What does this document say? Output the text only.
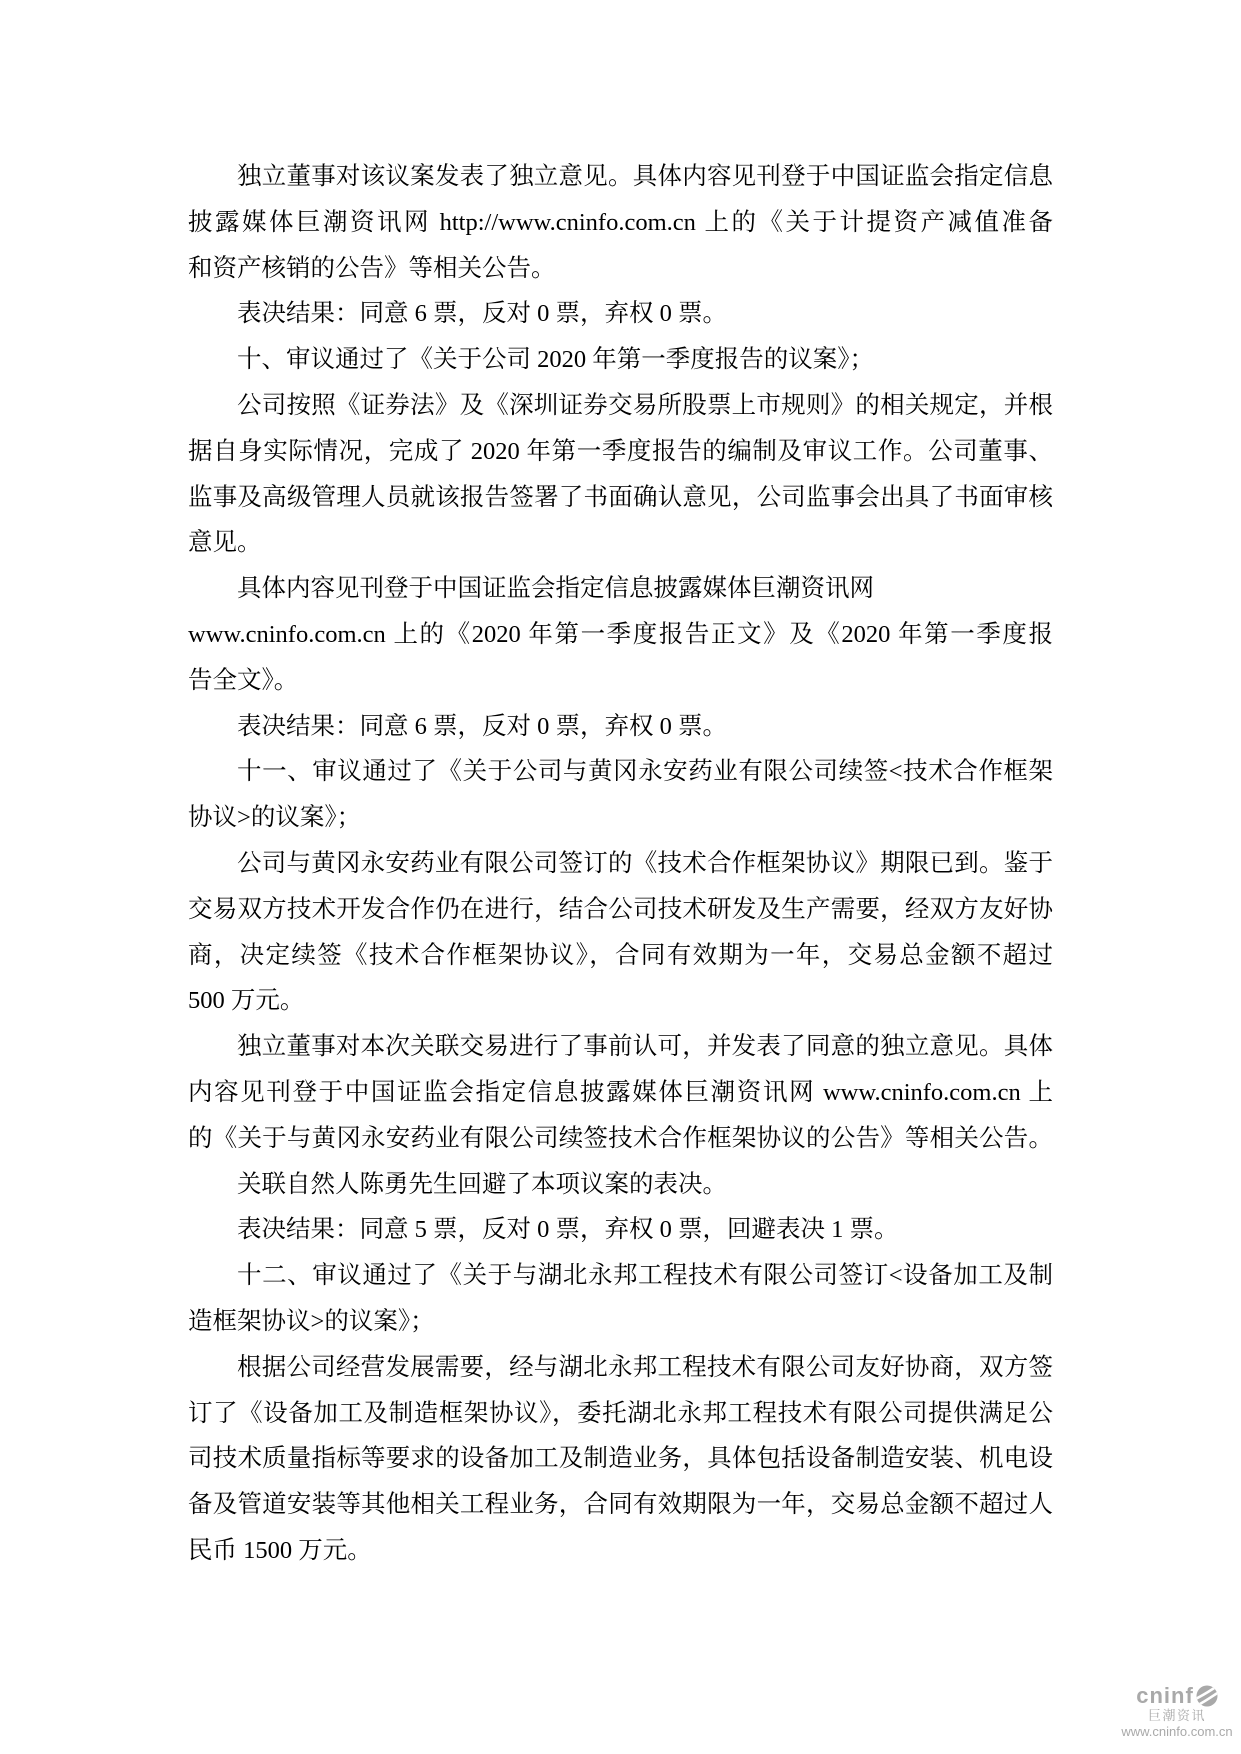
独立董事对该议案发表了独立意见。具体内容见刊登于中国证监会指定信息
披露媒体巨潮资讯网 http://www.cninfo.com.cn 上的《关于计提资产减值准备
和资产核销的公告》等相关公告。
表决结果：同意 6 票，反对 0 票，弃权 0 票。
十、审议通过了《关于公司 2020 年第一季度报告的议案》；
公司按照《证券法》及《深圳证券交易所股票上市规则》的相关规定，并根
据自身实际情况，完成了 2020 年第一季度报告的编制及审议工作。公司董事、
监事及高级管理人员就该报告签署了书面确认意见，公司监事会出具了书面审核
意见。
具体内容见刊登于中国证监会指定信息披露媒体巨潮资讯网
www.cninfo.com.cn 上的《2020 年第一季度报告正文》及《2020 年第一季度报
告全文》。
表决结果：同意 6 票，反对 0 票，弃权 0 票。
十一、审议通过了《关于公司与黄冈永安药业有限公司续签<技术合作框架
协议>的议案》；
公司与黄冈永安药业有限公司签订的《技术合作框架协议》期限已到。鉴于
交易双方技术开发合作仍在进行，结合公司技术研发及生产需要，经双方友好协
商，决定续签《技术合作框架协议》，合同有效期为一年，交易总金额不超过
500 万元。
独立董事对本次关联交易进行了事前认可，并发表了同意的独立意见。具体
内容见刊登于中国证监会指定信息披露媒体巨潮资讯网 www.cninfo.com.cn 上
的《关于与黄冈永安药业有限公司续签技术合作框架协议的公告》等相关公告。
关联自然人陈勇先生回避了本项议案的表决。
表决结果：同意 5 票，反对 0 票，弃权 0 票，回避表决 1 票。
十二、审议通过了《关于与湖北永邦工程技术有限公司签订<设备加工及制
造框架协议>的议案》；
根据公司经营发展需要，经与湖北永邦工程技术有限公司友好协商，双方签
订了《设备加工及制造框架协议》，委托湖北永邦工程技术有限公司提供满足公
司技术质量指标等要求的设备加工及制造业务，具体包括设备制造安装、机电设
备及管道安装等其他相关工程业务，合同有效期限为一年，交易总金额不超过人
民币 1500 万元。
cninf
巨潮资讯
www.cninfo.com.cn
